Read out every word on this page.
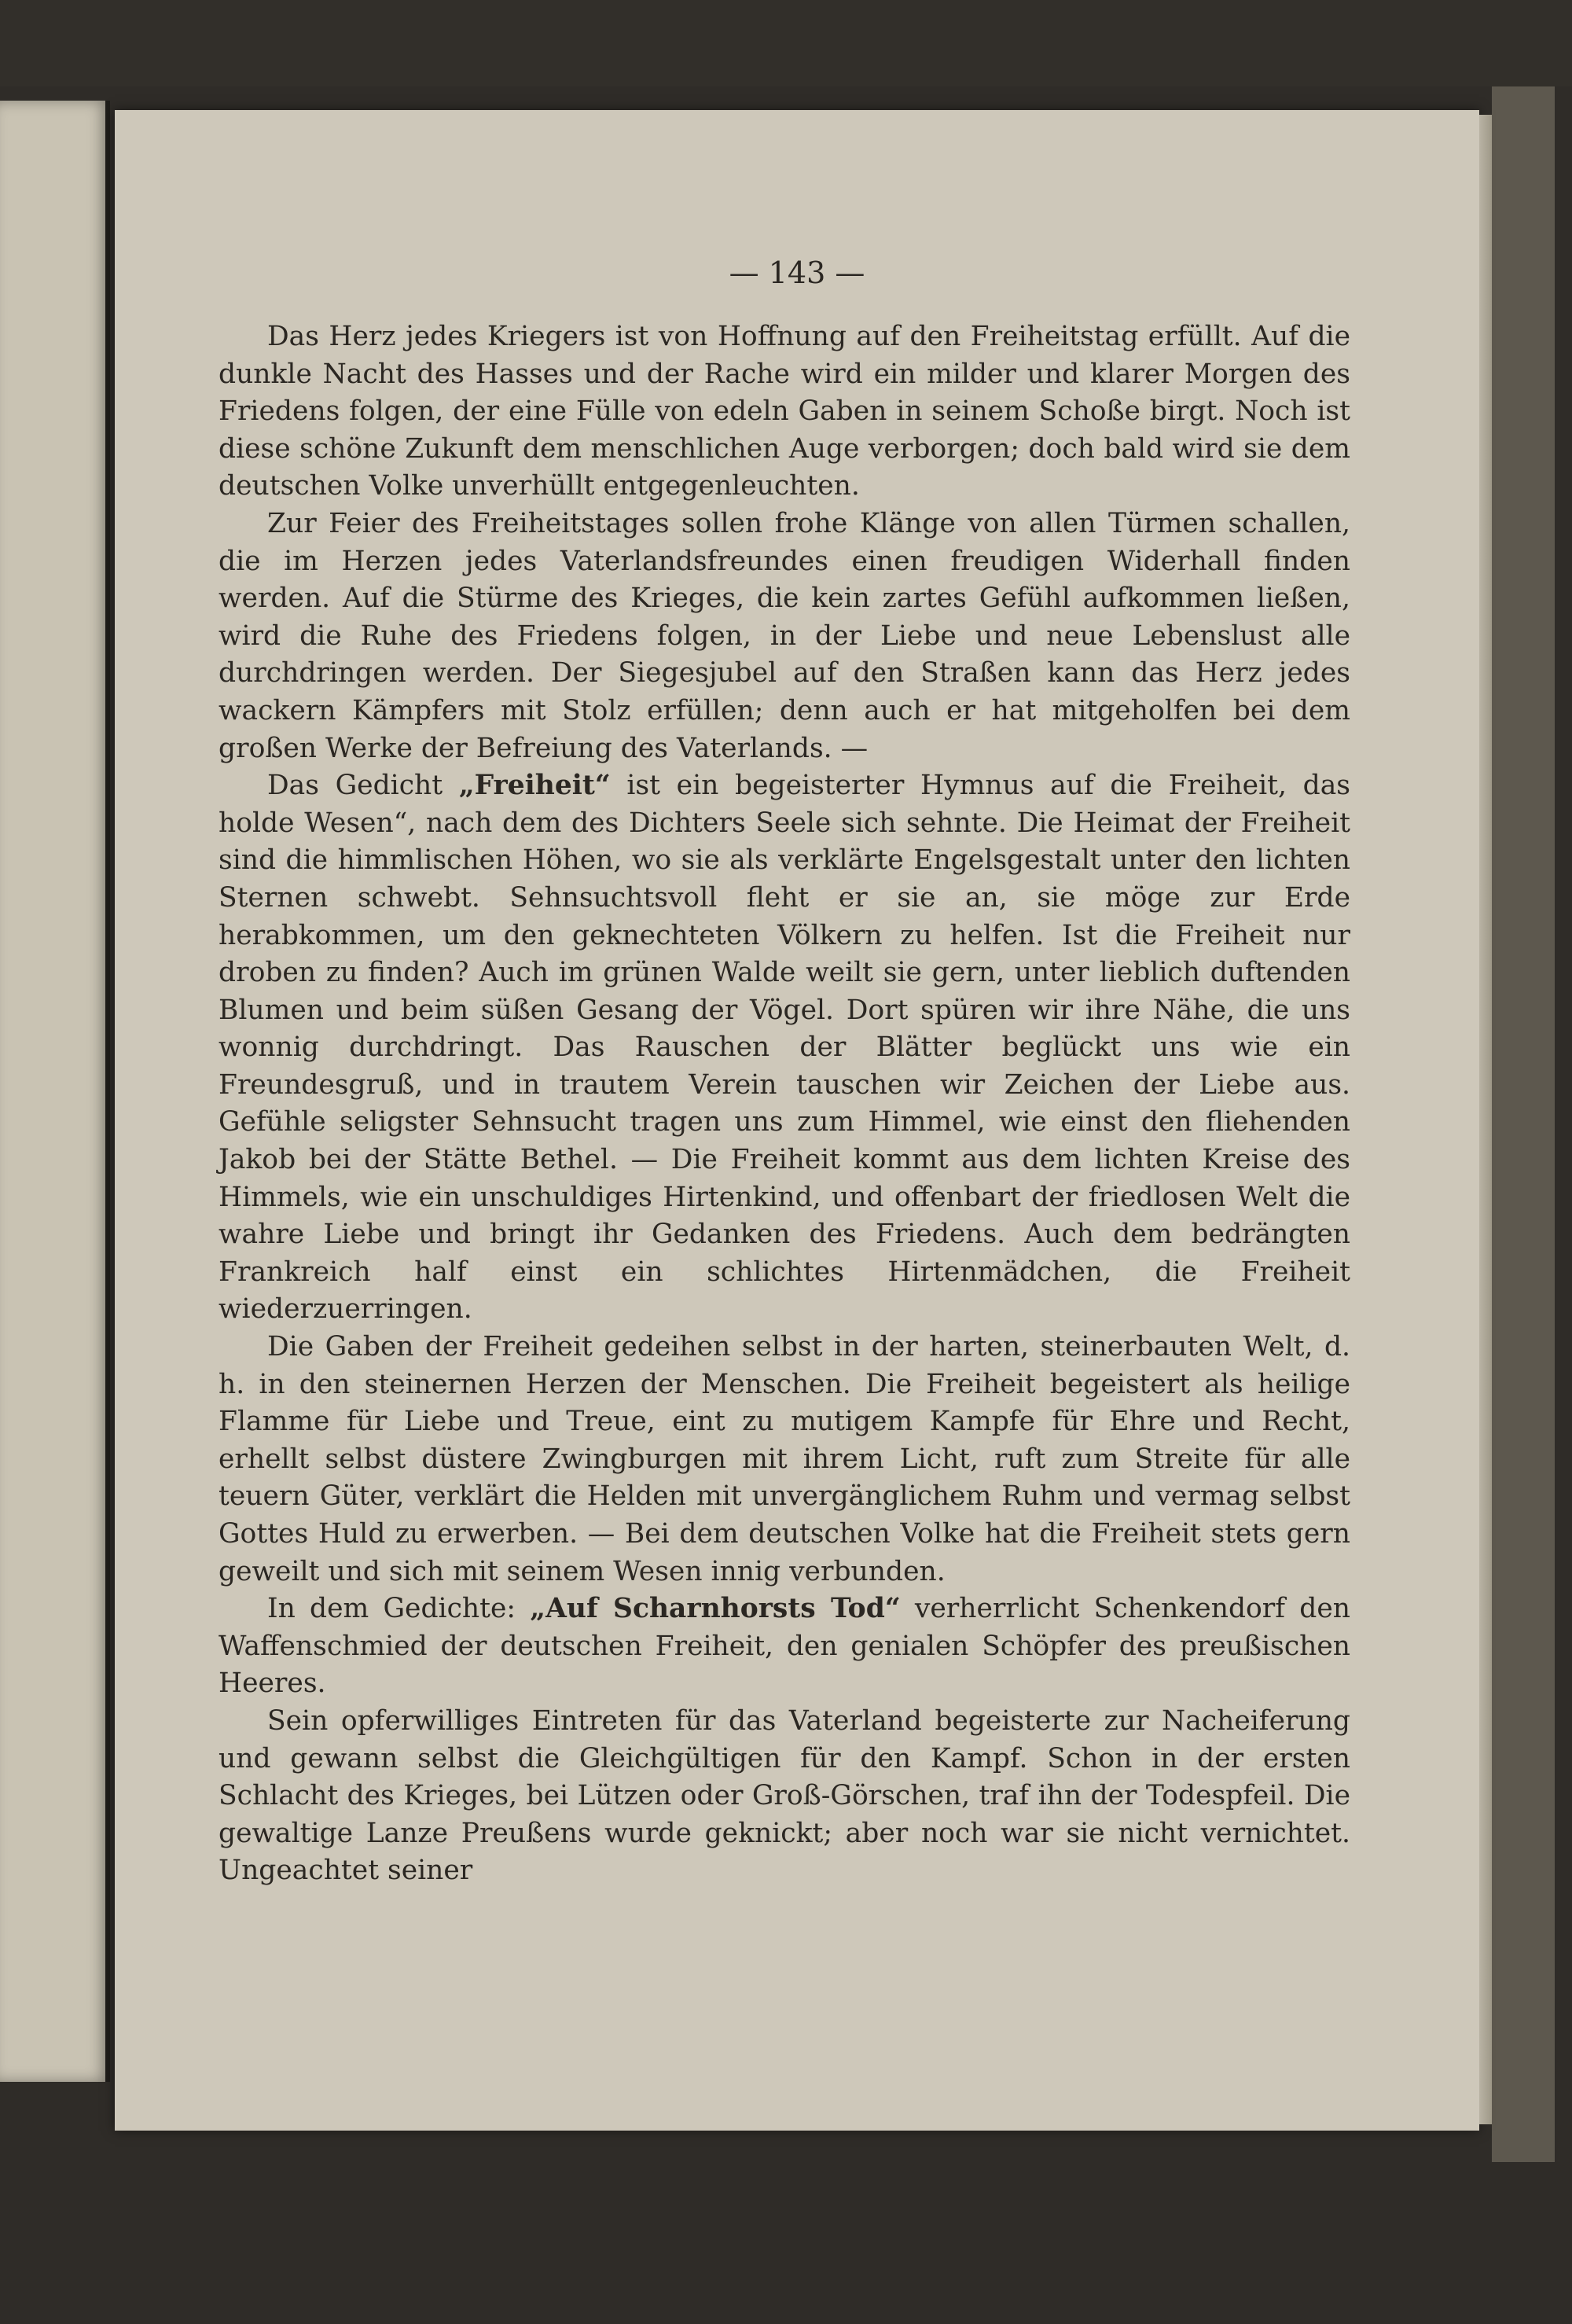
— 143 —

Das Herz jedes Kriegers ist von Hoffnung auf den Freiheitstag erfüllt. Auf die dunkle Nacht des Hasses und der Rache wird ein milder und klarer Morgen des Friedens folgen, der eine Fülle von edeln Gaben in seinem Schoße birgt. Noch ist diese schöne Zukunft dem menschlichen Auge verborgen; doch bald wird sie dem deutschen Volke unverhüllt entgegenleuchten.

Zur Feier des Freiheitstages sollen frohe Klänge von allen Türmen schallen, die im Herzen jedes Vaterlandsfreundes einen freudigen Widerhall finden werden. Auf die Stürme des Krieges, die kein zartes Gefühl aufkommen ließen, wird die Ruhe des Friedens folgen, in der Liebe und neue Lebenslust alle durchdringen werden. Der Siegesjubel auf den Straßen kann das Herz jedes wackern Kämpfers mit Stolz erfüllen; denn auch er hat mitgeholfen bei dem großen Werke der Befreiung des Vaterlands. —

Das Gedicht „Freiheit“ ist ein begeisterter Hymnus auf die Freiheit, das holde Wesen“, nach dem des Dichters Seele sich sehnte. Die Heimat der Freiheit sind die himmlischen Höhen, wo sie als verklärte Engelsgestalt unter den lichten Sternen schwebt. Sehnsuchtsvoll fleht er sie an, sie möge zur Erde herabkommen, um den geknechteten Völkern zu helfen. Ist die Freiheit nur droben zu finden? Auch im grünen Walde weilt sie gern, unter lieblich duftenden Blumen und beim süßen Gesang der Vögel. Dort spüren wir ihre Nähe, die uns wonnig durchdringt. Das Rauschen der Blätter beglückt uns wie ein Freundesgruß, und in trautem Verein tauschen wir Zeichen der Liebe aus. Gefühle seligster Sehnsucht tragen uns zum Himmel, wie einst den fliehenden Jakob bei der Stätte Bethel. — Die Freiheit kommt aus dem lichten Kreise des Himmels, wie ein unschuldiges Hirtenkind, und offenbart der friedlosen Welt die wahre Liebe und bringt ihr Gedanken des Friedens. Auch dem bedrängten Frankreich half einst ein schlichtes Hirtenmädchen, die Freiheit wiederzuerringen.

Die Gaben der Freiheit gedeihen selbst in der harten, steinerbauten Welt, d. h. in den steinernen Herzen der Menschen. Die Freiheit begeistert als heilige Flamme für Liebe und Treue, eint zu mutigem Kampfe für Ehre und Recht, erhellt selbst düstere Zwingburgen mit ihrem Licht, ruft zum Streite für alle teuern Güter, verklärt die Helden mit unvergänglichem Ruhm und vermag selbst Gottes Huld zu erwerben. — Bei dem deutschen Volke hat die Freiheit stets gern geweilt und sich mit seinem Wesen innig verbunden.

In dem Gedichte: „Auf Scharnhorsts Tod“ verherrlicht Schenkendorf den Waffenschmied der deutschen Freiheit, den genialen Schöpfer des preußischen Heeres.

Sein opferwilliges Eintreten für das Vaterland begeisterte zur Nacheiferung und gewann selbst die Gleichgültigen für den Kampf. Schon in der ersten Schlacht des Krieges, bei Lützen oder Groß-Görschen, traf ihn der Todespfeil. Die gewaltige Lanze Preußens wurde geknickt; aber noch war sie nicht vernichtet. Ungeachtet seiner
